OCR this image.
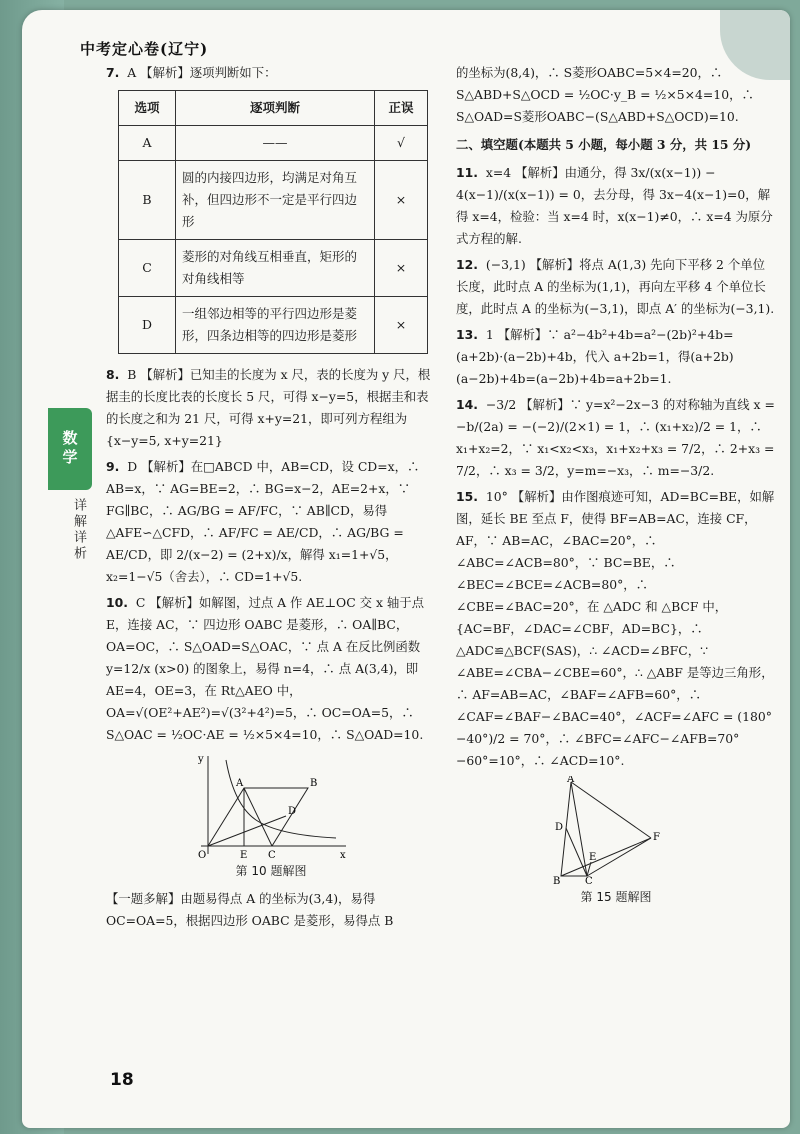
中考定心卷(辽宁)
数学
详解详析

7. A 【解析】逐项判断如下：

选项	逐项判断	正误
A	——	√
B	圆的内接四边形，均满足对角互补，但四边形不一定是平行四边形	×
C	菱形的对角线互相垂直，矩形的对角线相等	×
D	一组邻边相等的平行四边形是菱形，四条边相等的四边形是菱形	×

8. B 【解析】已知圭的长度为 x 尺，表的长度为 y 尺，根据圭的长度比表的长度长 5 尺，可得 x−y=5，根据圭和表的长度之和为 21 尺，可得 x+y=21，即可列方程组为 {x−y=5, x+y=21}

9. D 【解析】在□ABCD 中，AB=CD，设 CD=x，∴ AB=x，∵ AG=BE=2，∴ BG=x−2，AE=2+x，∵ FG∥BC，∴ AG/BG = AF/FC，∵ AB∥CD，易得 △AFE∽△CFD，∴ AF/FC = AE/CD，∴ AG/BG = AE/CD，即 2/(x−2) = (2+x)/x，解得 x₁=1+√5，x₂=1−√5（舍去），∴ CD=1+√5.

10. C 【解析】如解图，过点 A 作 AE⊥OC 交 x 轴于点 E，连接 AC，∵ 四边形 OABC 是菱形，∴ OA∥BC，OA=OC，∴ S△OAD=S△OAC，∵ 点 A 在反比例函数 y=12/x (x>0) 的图象上，易得 n=4，∴ 点 A(3,4)，即 AE=4，OE=3，在 Rt△AEO 中，OA=√(OE²+AE²)=√(3²+4²)=5，∴ OC=OA=5，∴ S△OAC = ½OC·AE = ½×5×4=10，∴ S△OAD=10.

y
x
O	E C
A	B
D

第 10 题解图

【一题多解】由题易得点 A 的坐标为(3,4)，易得 OC=OA=5，根据四边形 OABC 是菱形，易得点 B

的坐标为(8,4)，∴ S菱形OABC=5×4=20，∴ S△ABD+S△OCD = ½OC·y_B = ½×5×4=10，∴ S△OAD=S菱形OABC−(S△ABD+S△OCD)=10.

二、填空题(本题共 5 小题，每小题 3 分，共 15 分)

11. x=4 【解析】由通分，得 3x/(x(x−1)) − 4(x−1)/(x(x−1)) = 0，去分母，得 3x−4(x−1)=0，解得 x=4，检验：当 x=4 时，x(x−1)≠0，∴ x=4 为原分式方程的解.

12. (−3,1) 【解析】将点 A(1,3) 先向下平移 2 个单位长度，此时点 A 的坐标为(1,1)，再向左平移 4 个单位长度，此时点 A 的坐标为(−3,1)，即点 A′ 的坐标为(−3,1).

13. 1 【解析】∵ a²−4b²+4b=a²−(2b)²+4b=(a+2b)·(a−2b)+4b，代入 a+2b=1，得(a+2b)(a−2b)+4b=(a−2b)+4b=a+2b=1.

14. −3/2 【解析】∵ y=x²−2x−3 的对称轴为直线 x = −b/(2a) = −(−2)/(2×1) = 1，∴ (x₁+x₂)/2 = 1，∴ x₁+x₂=2，∵ x₁<x₂<x₃，x₁+x₂+x₃ = 7/2，∴ 2+x₃ = 7/2，∴ x₃ = 3/2，y=m=−x₃，∴ m=−3/2.

15. 10° 【解析】由作图痕迹可知，AD=BC=BE，如解图，延长 BE 至点 F，使得 BF=AB=AC，连接 CF，AF，∵ AB=AC，∠BAC=20°，∴ ∠ABC=∠ACB=80°，∵ BC=BE，∴ ∠BEC=∠BCE=∠ACB=80°，∴ ∠CBE=∠BAC=20°，在 △ADC 和 △BCF 中，{AC=BF，∠DAC=∠CBF，AD=BC}，∴ △ADC≌△BCF(SAS)，∴ ∠ACD=∠BFC，∵ ∠ABE=∠CBA−∠CBE=60°，∴ △ABF 是等边三角形，∴ AF=AB=AC，∠BAF=∠AFB=60°，∴ ∠CAF=∠BAF−∠BAC=40°，∠ACF=∠AFC = (180°−40°)/2 = 70°，∴ ∠BFC=∠AFC−∠AFB=70°−60°=10°，∴ ∠ACD=10°.

A
D
E
F
B C

第 15 题解图

18
